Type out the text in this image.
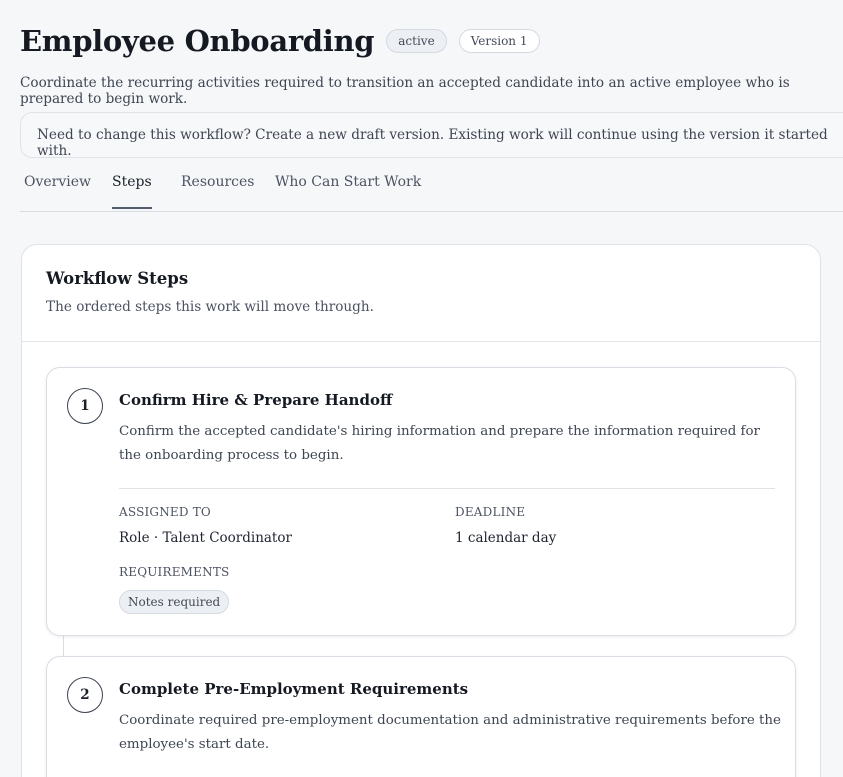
Employee Onboarding	active	Version 1

Coordinate the recurring activities required to transition an accepted candidate into an active employee who is prepared to begin work.

Need to change this workflow? Create a new draft version. Existing work will continue using the version it started with.
Overview Steps Resources Who Can Start Work
Workflow Steps

The ordered steps this work will move through.

1	Confirm Hire & Prepare Handoff

Confirm the accepted candidate's hiring information and prepare the information required for the onboarding process to begin.

ASSIGNED TO
Role · Talent Coordinator
DEADLINE
1 calendar day
REQUIREMENTS
Notes required
2	Complete Pre-Employment Requirements

Coordinate required pre-employment documentation and administrative requirements before the employee's start date.
